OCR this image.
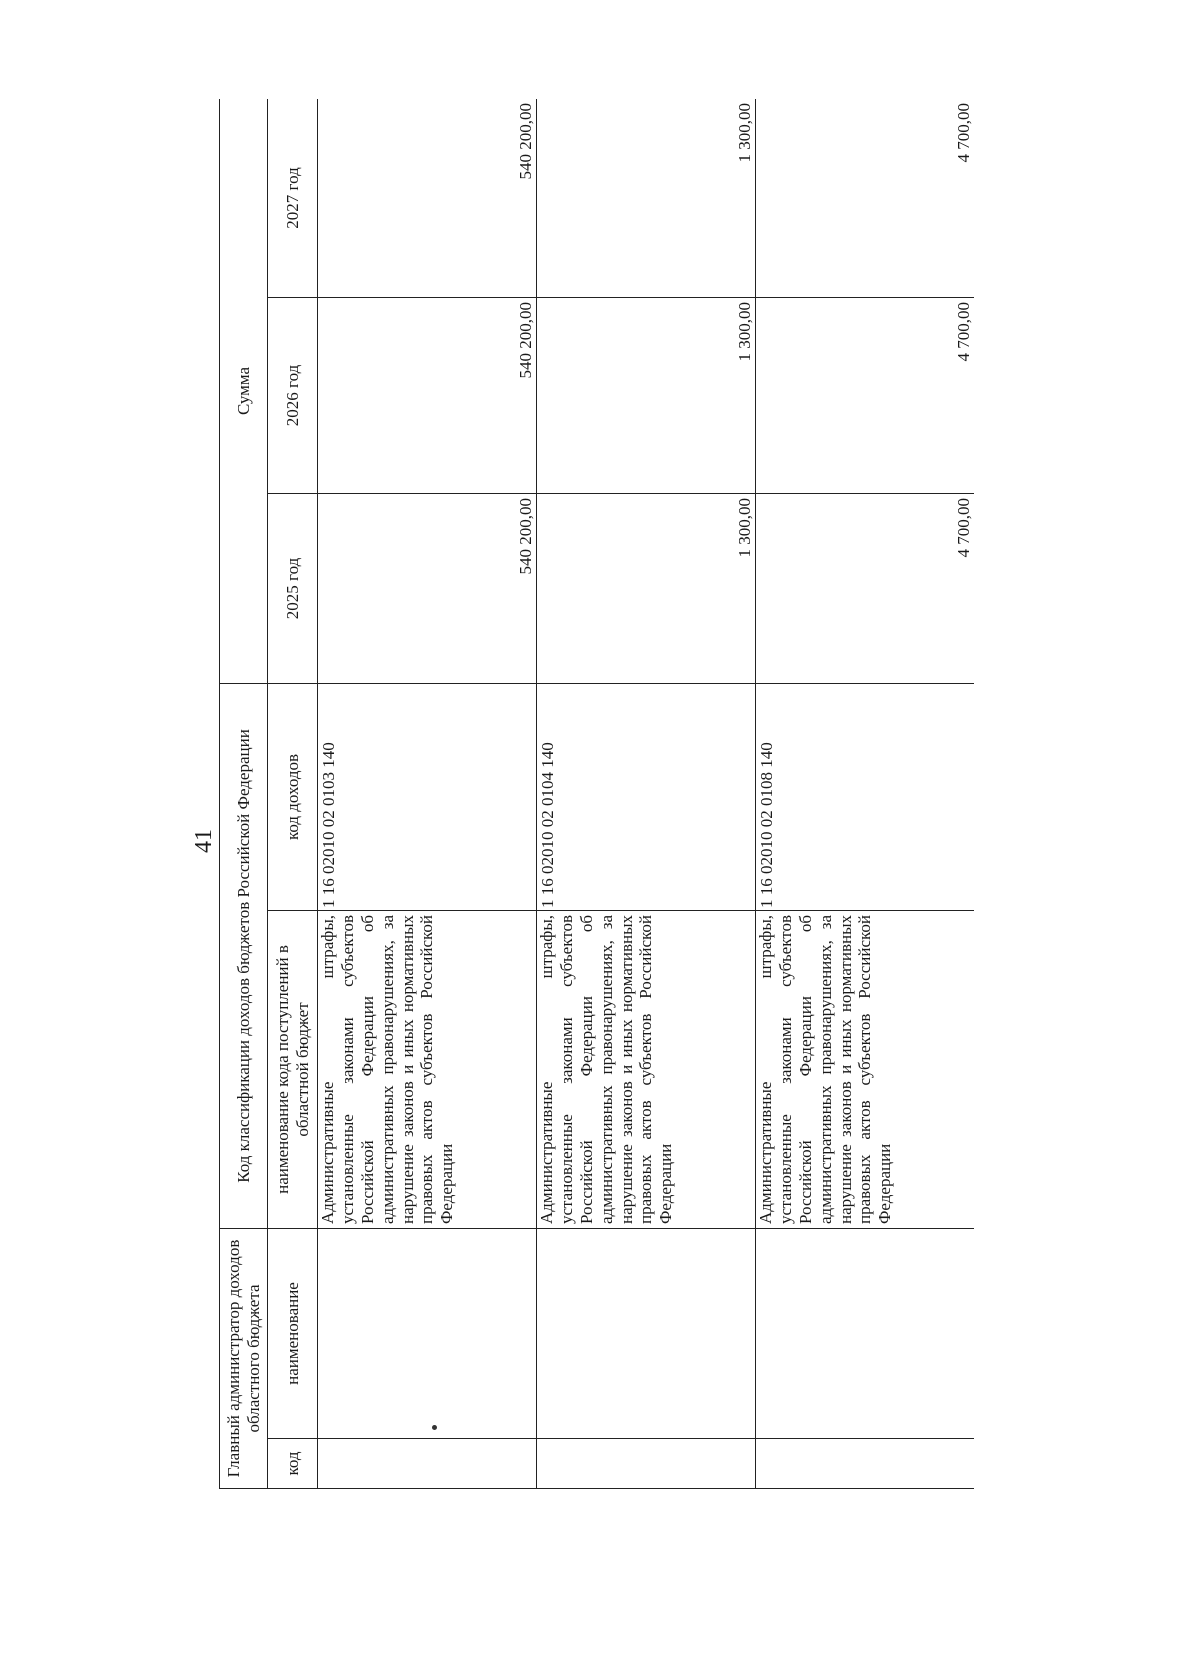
41
Главный администратор доходов областного бюджета		Код классификации доходов бюджетов Российской Федерации		Сумма		
код	наименование	наименование кода поступлений в областной бюджет	код доходов	2025 год	2026 год	2027 год
		Административные штрафы, установленные законами субъектов Российской Федерации об административных правонарушениях, за нарушение законов и иных нормативных правовых актов субъектов Российской Федерации	1 16 02010 02 0103 140	540 200,00	540 200,00	540 200,00
		Административные штрафы, установленные законами субъектов Российской Федерации об административных правонарушениях, за нарушение законов и иных нормативных правовых актов субъектов Российской Федерации	1 16 02010 02 0104 140	1 300,00	1 300,00	1 300,00
		Административные штрафы, установленные законами субъектов Российской Федерации об административных правонарушениях, за нарушение законов и иных нормативных правовых актов субъектов Российской Федерации	1 16 02010 02 0108 140	4 700,00	4 700,00	4 700,00
